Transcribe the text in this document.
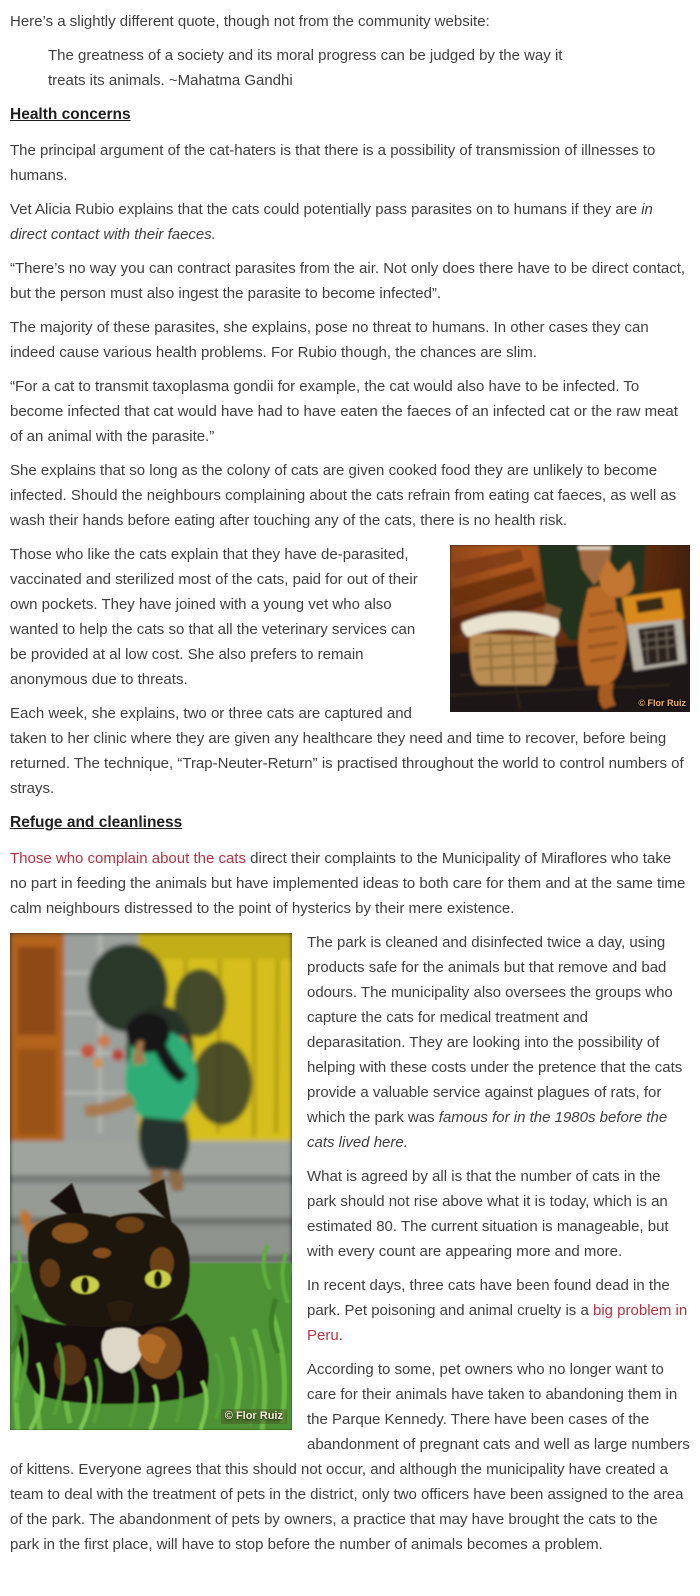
Here’s a slightly different quote, though not from the community website:

The greatness of a society and its moral progress can be judged by the way it treats its animals. ~Mahatma Gandhi
Health concerns

The principal argument of the cat-haters is that there is a possibility of transmission of illnesses to humans.

Vet Alicia Rubio explains that the cats could potentially pass parasites on to humans if they are in direct contact with their faeces.

“There’s no way you can contract parasites from the air. Not only does there have to be direct contact, but the person must also ingest the parasite to become infected”.

The majority of these parasites, she explains, pose no threat to humans. In other cases they can indeed cause various health problems. For Rubio though, the chances are slim.

“For a cat to transmit taxoplasma gondii for example, the cat would also have to be infected. To become infected that cat would have had to have eaten the faeces of an infected cat or the raw meat of an animal with the parasite.”

She explains that so long as the colony of cats are given cooked food they are unlikely to become infected. Should the neighbours complaining about the cats refrain from eating cat faeces, as well as wash their hands before eating after touching any of the cats, there is no health risk.

© Flor Ruiz

Those who like the cats explain that they have de-parasited, vaccinated and sterilized most of the cats, paid for out of their own pockets. They have joined with a young vet who also wanted to help the cats so that all the veterinary services can be provided at al low cost. She also prefers to remain anonymous due to threats.

Each week, she explains, two or three cats are captured and taken to her clinic where they are given any healthcare they need and time to recover, before being returned. The technique, “Trap-Neuter-Return” is practised throughout the world to control numbers of strays.

Refuge and cleanliness

Those who complain about the cats direct their complaints to the Municipality of Miraflores who take no part in feeding the animals but have implemented ideas to both care for them and at the same time calm neighbours distressed to the point of hysterics by their mere existence.

© Flor Ruiz

The park is cleaned and disinfected twice a day, using products safe for the animals but that remove and bad odours. The municipality also oversees the groups who capture the cats for medical treatment and deparasitation. They are looking into the possibility of helping with these costs under the pretence that the cats provide a valuable service against plagues of rats, for which the park was famous for in the 1980s before the cats lived here.

What is agreed by all is that the number of cats in the park should not rise above what it is today, which is an estimated 80. The current situation is manageable, but with every count are appearing more and more.

In recent days, three cats have been found dead in the park. Pet poisoning and animal cruelty is a big problem in Peru.

According to some, pet owners who no longer want to care for their animals have taken to abandoning them in the Parque Kennedy. There have been cases of the abandonment of pregnant cats and well as large numbers of kittens. Everyone agrees that this should not occur, and although the municipality have created a team to deal with the treatment of pets in the district, only two officers have been assigned to the area of the park. The abandonment of pets by owners, a practice that may have brought the cats to the park in the first place, will have to stop before the number of animals becomes a problem.
